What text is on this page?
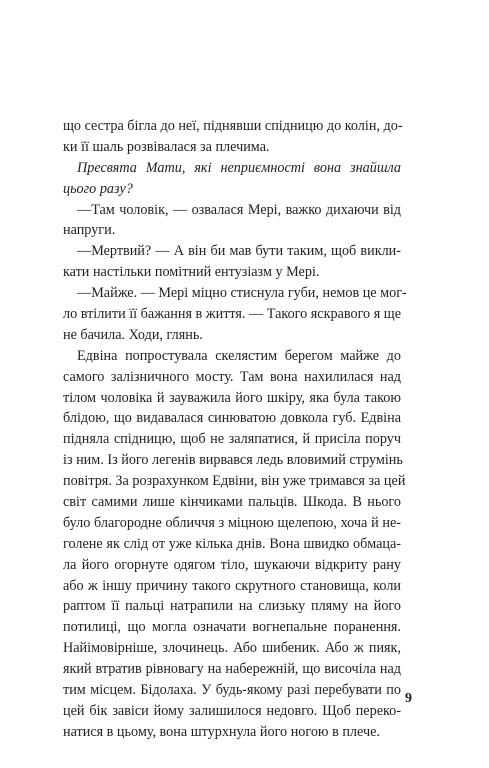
що сестра бігла до неї, піднявши спідницю до колін, до-
ки її шаль розвівалася за плечима.
Пресвята Мати, які неприємності вона знайшла
цього разу?
—Там чоловік, — озвалася Мері, важко дихаючи від
напруги.
—Мертвий? — А він би мав бути таким, щоб викли-
кати настільки помітний ентузіазм у Мері.
—Майже. — Мері міцно стиснула губи, немов це мог-
ло втілити її бажання в життя. — Такого яскравого я ще
не бачила. Ходи, глянь.
Едвіна попростувала скелястим берегом майже до
самого залізничного мосту. Там вона нахилилася над
тілом чоловіка й зауважила його шкіру, яка була такою
блідою, що видавалася синюватою довкола губ. Едвіна
підняла спідницю, щоб не заляпатися, й присіла поруч
із ним. Із його легенів вирвався ледь вловимий струмінь
повітря. За розрахунком Едвіни, він уже тримався за цей
світ самими лише кінчиками пальців. Шкода. В нього
було благородне обличчя з міцною щелепою, хоча й не-
голене як слід от уже кілька днів. Вона швидко обмаца-
ла його огорнуте одягом тіло, шукаючи відкриту рану
або ж іншу причину такого скрутного становища, коли
раптом її пальці натрапили на слизьку пляму на його
потилиці, що могла означати вогнепальне поранення.
Найімовірніше, злочинець. Або шибеник. Або ж пияк,
який втратив рівновагу на набережній, що височіла над
тим місцем. Бідолаха. У будь-якому разі перебувати по
цей бік завіси йому залишилося недовго. Щоб переко-
натися в цьому, вона штурхнула його ногою в плече.
9
